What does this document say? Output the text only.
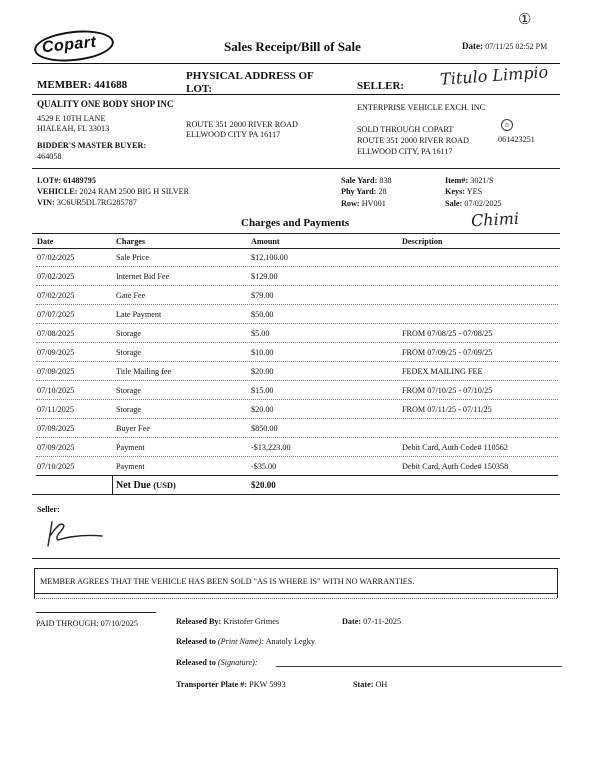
Copart	Sales Receipt/Bill of Sale	Date: 07/11/25 02:52 PM
①
MEMBER: 441688
PHYSICAL ADDRESS OF LOT:	SELLER: Titulo Limpio
QUALITY ONE BODY SHOP INC
4529 E 10TH LANE
HIALEAH, FL 33013
BIDDER'S MASTER BUYER:
464058
ROUTE 351 2000 RIVER ROAD
ELLWOOD CITY PA 16117
ENTERPRISE VEHICLE EXCH. INC
SOLD THROUGH COPART
ROUTE 351 2000 RIVER ROAD
ELLWOOD CITY, PA 16117
☺
061423251
LOT#: 61489795
VEHICLE: 2024 RAM 2500 BIG H SILVER
VIN: 3C6UR5DL7RG285787
Sale Yard: 838
Phy Yard: 28
Row: HV001
Item#: 3021/S
Keys: YES
Sale: 07/02/2025
Chimi
Charges and Payments
Date	Charges	Amount	Description
07/02/2025	Sale Price	$12,100.00
07/02/2025	Internet Bid Fee	$129.00
07/02/2025	Gate Fee	$79.00
07/07/2025	Late Payment	$50.00
07/08/2025	Storage	$5.00	FROM 07/08/25 - 07/08/25
07/09/2025	Storage	$10.00	FROM 07/09/25 - 07/09/25
07/09/2025	Title Mailing fee	$20.00	FEDEX MAILING FEE
07/10/2025	Storage	$15.00	FROM 07/10/25 - 07/10/25
07/11/2025	Storage	$20.00	FROM 07/11/25 - 07/11/25
07/09/2025	Buyer Fee	$850.00
07/09/2025	Payment	-$13,223.00	Debit Card, Auth Code# 110562
07/10/2025	Payment	-$35.00	Debit Card, Auth Code# 150358
Net Due (USD)	$20.00
Seller:
MEMBER AGREES THAT THE VEHICLE HAS BEEN SOLD "AS IS WHERE IS" WITH NO WARRANTIES.
PAID THROUGH: 07/10/2025	Released By: Kristofer Grimes	Date: 07-11-2025
Released to (Print Name): Anatoly Legky
Released to (Signature):
Transporter Plate #: PKW 5993	State: OH
